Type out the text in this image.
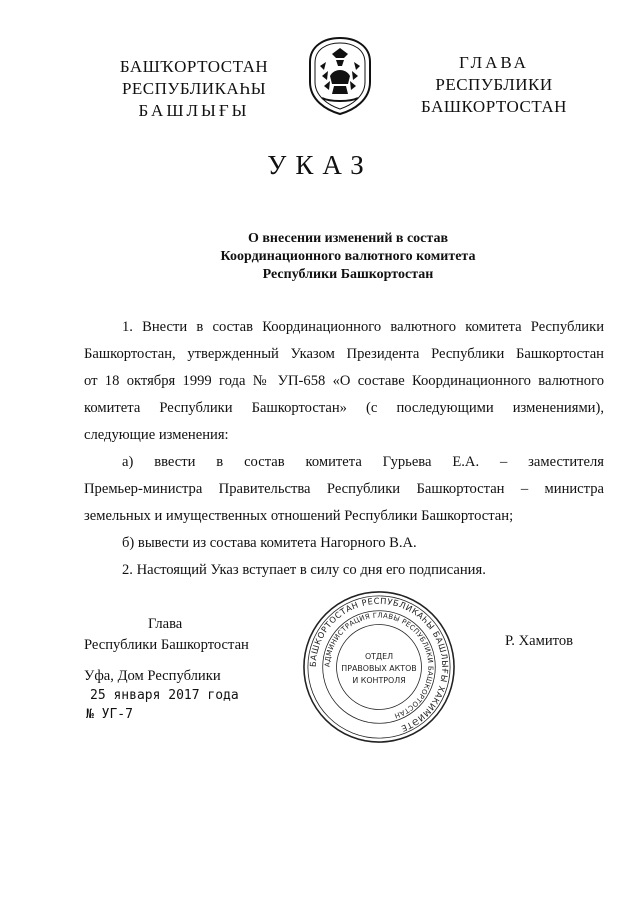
БАШҠОРТОСТАН
РЕСПУБЛИКАҺЫ
БАШЛЫҒЫ
ГЛАВА
РЕСПУБЛИКИ
БАШКОРТОСТАН
УКАЗ
О внесении изменений в состав
Координационного валютного комитета
Республики Башкортостан
1. Внести в состав Координационного валютного комитета Республики
Башкортостан, утвержденный Указом Президента Республики Башкортостан
от 18 октября 1999 года № УП-658 «О составе Координационного валютного
комитета Республики Башкортостан» (с последующими изменениями),
следующие изменения:
а) ввести в состав комитета Гурьева Е.А. – заместителя
Премьер-министра Правительства Республики Башкортостан – министра
земельных и имущественных отношений Республики Башкортостан;
б) вывести из состава комитета Нагорного В.А.
2. Настоящий Указ вступает в силу со дня его подписания.
Глава
Республики Башкортостан	Р. Хамитов
БАШКОРТОСТАН РЕСПУБЛИКАҺЫ БАШЛЫҒЫ ХАКИМИӘТЕ
АДМИНИСТРАЦИЯ ГЛАВЫ РЕСПУБЛИКИ БАШКОРТОСТАН
ОТДЕЛ
ПРАВОВЫХ АКТОВ
И КОНТРОЛЯ
Уфа, Дом Республики
25 января 2017 года
№ УГ-7
